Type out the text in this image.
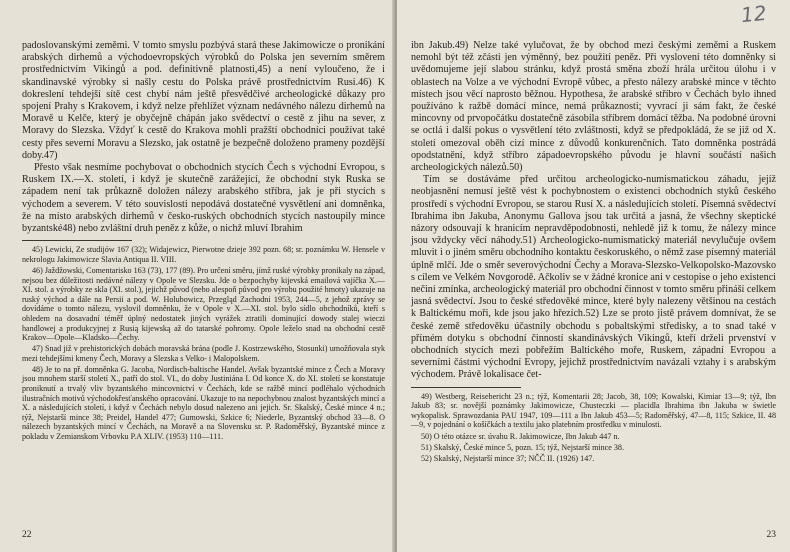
padoslovanskými zeměmi. V tomto smyslu pozbývá stará these Jakimowicze o pronikání arabských dirhemů a východoevropských výrobků do Polska jen severním směrem prostřednictvím Vikingů a pod. definitivně platnosti,45) a není vyloučeno, že i skandinavské výrobky si našly cestu do Polska právě prostřednictvím Rusi.46) K dokreslení tehdejší sítě cest chybí nám ještě přesvědčivé archeologické důkazy pro spojení Prahy s Krakovem, i když nelze přehlížet význam nedávného nálezu dirhemů na Moravě u Kelče, který je obyčejně chápán jako svědectví o cestě z jihu na sever, z Moravy do Slezska. Vždyť k cestě do Krakova mohli pražští obchodníci používat také cesty přes severní Moravu a Slezsko, jak ostatně je bezpečně doloženo prameny pozdější doby.47)

Přesto však nesmíme pochybovat o obchodních stycích Čech s východní Evropou, s Ruskem IX.—X. století, i když je skutečně zarážející, že obchodní styk Ruska se západem není tak průkazně doložen nálezy arabského stříbra, jak je při stycích s východem a severem. V této souvislosti nepodává dostatečné vysvětlení ani domněnka, že na místo arabských dirhemů v česko-ruských obchodních stycích nastoupily mince byzantské48) nebo zvláštní druh peněz z kůže, o nichž mluví Ibrahim

45) Lewicki, Ze studijów 167 (32); Widajewicz, Pierwotne dzieje 392 pozn. 68; sr. poznámku W. Hensele v nekrologu Jakimowicze Slavia Antiqua II. VIII.

46) Jaždžowski, Comentarisko 163 (73), 177 (89). Pro určení směru, jímž ruské výrobky pronikaly na západ, nejsou bez důležitosti nedávné nálezy v Opole ve Slezsku. Jde o bezpochyby kijevská emailová vajíčka X.—XI. stol. a výrobky ze skla (XI. stol.), jejichž původ (nebo alespoň původ pro výrobu použité hmoty) ukazuje na ruský východ a dále na Persii a pod. W. Holubowicz, Przegląd Zachodni 1953, 244—5, z jehož zprávy se dovídáme o tomto nálezu, vyslovil domněnku, že v Opole v X.—XI. stol. bylo sídlo obchodníků, kteří s ohledem na dosavadní téměř úplný nedostatek jiných vyrážek ztratili dominující dowody stalej wieczi handlowej a produkcyjnej z Rusią kijewską až do tatarské pohromy. Opole leželo snad na obchodní cestě Krakov—Opole—Kladsko—Čechy.

47) Snad již v prehistorických dobách moravská brána (podle J. Kostrzewského, Stosunki) umožňovala styk mezi tehdejšími kmeny Čech, Moravy a Slezska s Velko- i Malopolskem.

48) Je to na př. domněnka G. Jacoba, Nordisch-baltische Handel. Avšak byzantské mince z Čech a Moravy jsou mnohem starší století X., patří do stol. VI., do doby Justiniána I. Od konce X. do XI. století se konstatuje proniknutí a trvalý vliv byzantského mincovnictví v Čechách, kde se ražbě mincí podléhalo východních ilustračních motivů východokřesťanského opracování. Ukazuje to na nepochybnou znalost byzantských mincí a X. a následujících století, i když v Čechách nebylo dosud nalezeno ani jejich. Sr. Skalský, České mince 4 n.; týž, Nejstarší mince 38; Preidel, Handel 477; Gumowski, Szkice 6; Niederle, Byzantský obchod 33—8. O nálezech byzantských mincí v Čechách, na Moravě a na Slovensku sr. P. Radoměřský, Byzantské mince z pokladu v Zemianskom Vrbovku P.A XLIV. (1953) 110—111.

22
12

ibn Jakub.49) Nelze také vylučovat, že by obchod mezi českými zeměmi a Ruskem nemohl být též zčásti jen výměnný, bez použití peněz. Při vyslovení této domněnky si uvědomujeme její slabou stránku, když prostá směna zboží hrála určitou úlohu i v oblastech na Volze a ve východní Evropě vůbec, a přesto nálezy arabské mince v těchto místech jsou věcí naprosto běžnou. Hypothesa, že arabské stříbro v Čechách bylo ihned používáno k ražbě domácí mince, nemá průkaznosti; vyvrací ji sám fakt, že české mincovny od prvopočátku dostatečně zásobila stříbrem domácí těžba. Na podobné úrovni se octlá i další pokus o vysvětlení této zvláštnosti, když se předpokládá, že se již od X. století omezoval oběh cizí mince z důvodů konkurenčních. Tato domněnka postrádá opodstatnění, když stříbro západoevropského původu je hlavní součástí našich archeologických nálezů.50)

Tím se dostáváme před určitou archeologicko-numismatickou záhadu, jejíž neobjasnění nemusí ještě vést k pochybnostem o existenci obchodních styků českého prostředí s východní Evropou, se starou Rusí X. a následujících století. Písemná svědectví Ibrahima ibn Jakuba, Anonymu Gallova jsou tak určitá a jasná, že všechny skeptické názory odsouvají k hranicím nepravděpodobnosti, nehledě již k tomu, že nálezy mince jsou vždycky věcí náhody.51) Archeologicko-numismatický materiál nevylučuje ovšem mluvit i o jiném směru obchodního kontaktu českoruského, o němž zase písemný materiál úplně mlčí. Jde o směr severovýchodní Čechy a Morava-Slezsko-Velkopolsko-Mazovsko s cílem ve Velkém Novgorodě. Ačkoliv se v žádné kronice ani v cestopise o jeho existenci nečiní zmínka, archeologický materiál pro obchodní činnost v tomto směru přináší celkem jasná svědectví. Jsou to české středověké mince, které byly nalezeny většinou na cestách k Baltickému moři, kde jsou jako hřezích.52) Lze se proto jistě právem domnívat, že se české země středověku účastnily obchodu s pobaltskými středisky, a to snad také v přímém dotyku s obchodní činností skandinávských Vikingů, kteří drželi prvenství v obchodních stycích mezi pobřežím Baltického moře, Ruskem, západní Evropou a severními částmi východní Evropy, jejichž prostřednictvím navázali vztahy i s arabským východem. Právě lokalisace čet-

49) Westberg, Reisebericht 23 n.; týž, Komentarii 28; Jacob, 38, 109; Kowalski, Kimiar 13—9; týž, Ibn Jakub 83; sr. novější poznámky Jakimowicze, Chusteczki — placidla Ibrahima ibn Jakuba w świetle wykopalisk. Sprawozdania PAU 1947, 109—111 a Ibn Jakub 453—5; Radoměřský, 47—8, 115; Szkice, II. 48—9, v pojednání o košíčkách a textilu jako platebním prostředku v minulosti.

50) O této otázce sr. úvahu R. Jakimowicze, Ibn Jakub 447 n.

51) Skalský, České mince 5, pozn. 15; týž, Nejstarší mince 38.

52) Skalský, Nejstarší mince 37; NČČ II. (1926) 147.

23
